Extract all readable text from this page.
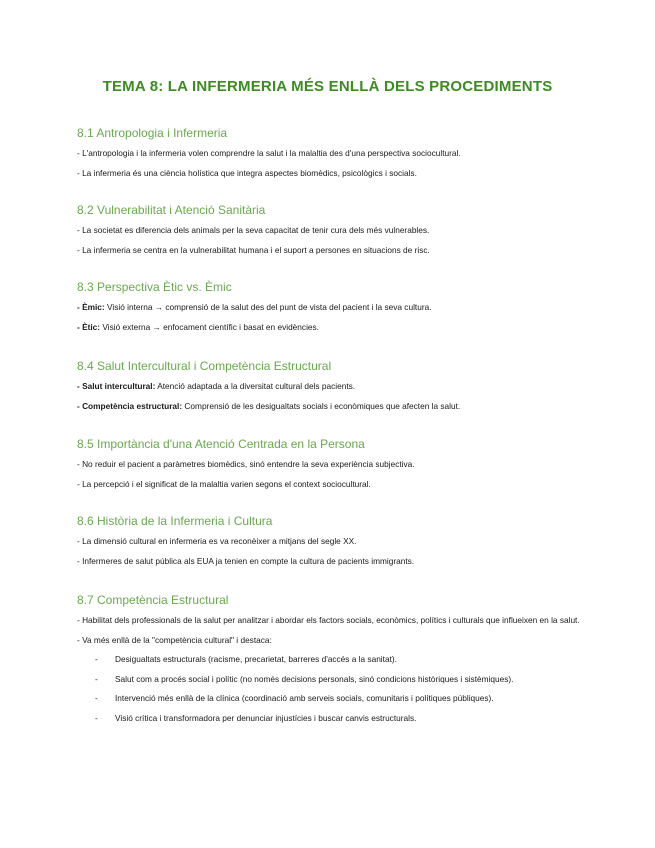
TEMA 8: LA INFERMERIA MÉS ENLLÀ DELS PROCEDIMENTS
8.1 Antropologia i Infermeria
- L'antropologia i la infermeria volen comprendre la salut i la malaltia des d'una perspectiva sociocultural.
- La infermeria és una ciència holística que integra aspectes biomèdics, psicològics i socials.
8.2 Vulnerabilitat i Atenció Sanitària
- La societat es diferencia dels animals per la seva capacitat de tenir cura dels més vulnerables.
- La infermeria se centra en la vulnerabilitat humana i el suport a persones en situacions de risc.
8.3 Perspectiva Ètic vs. Èmic
- Èmic: Visió interna → comprensió de la salut des del punt de vista del pacient i la seva cultura.
- Ètic: Visió externa → enfocament científic i basat en evidències.
8.4 Salut Intercultural i Competència Estructural
- Salut intercultural: Atenció adaptada a la diversitat cultural dels pacients.
- Competència estructural: Comprensió de les desigualtats socials i econòmiques que afecten la salut.
8.5 Importància d'una Atenció Centrada en la Persona
- No reduir el pacient a paràmetres biomèdics, sinó entendre la seva experiència subjectiva.
- La percepció i el significat de la malaltia varien segons el context sociocultural.
8.6 Història de la Infermeria i Cultura
- La dimensió cultural en infermeria es va reconèixer a mitjans del segle XX.
- Infermeres de salut pública als EUA ja tenien en compte la cultura de pacients immigrants.
8.7 Competència Estructural
- Habilitat dels professionals de la salut per analitzar i abordar els factors socials, econòmics, polítics i culturals que influeixen en la salut.
- Va més enllà de la "competència cultural" i destaca:
- Desigualtats estructurals (racisme, precarietat, barreres d'accés a la sanitat).
- Salut com a procés social i polític (no només decisions personals, sinó condicions històriques i sistèmiques).
- Intervenció més enllà de la clínica (coordinació amb serveis socials, comunitaris i polítiques públiques).
- Visió crítica i transformadora per denunciar injustícies i buscar canvis estructurals.
